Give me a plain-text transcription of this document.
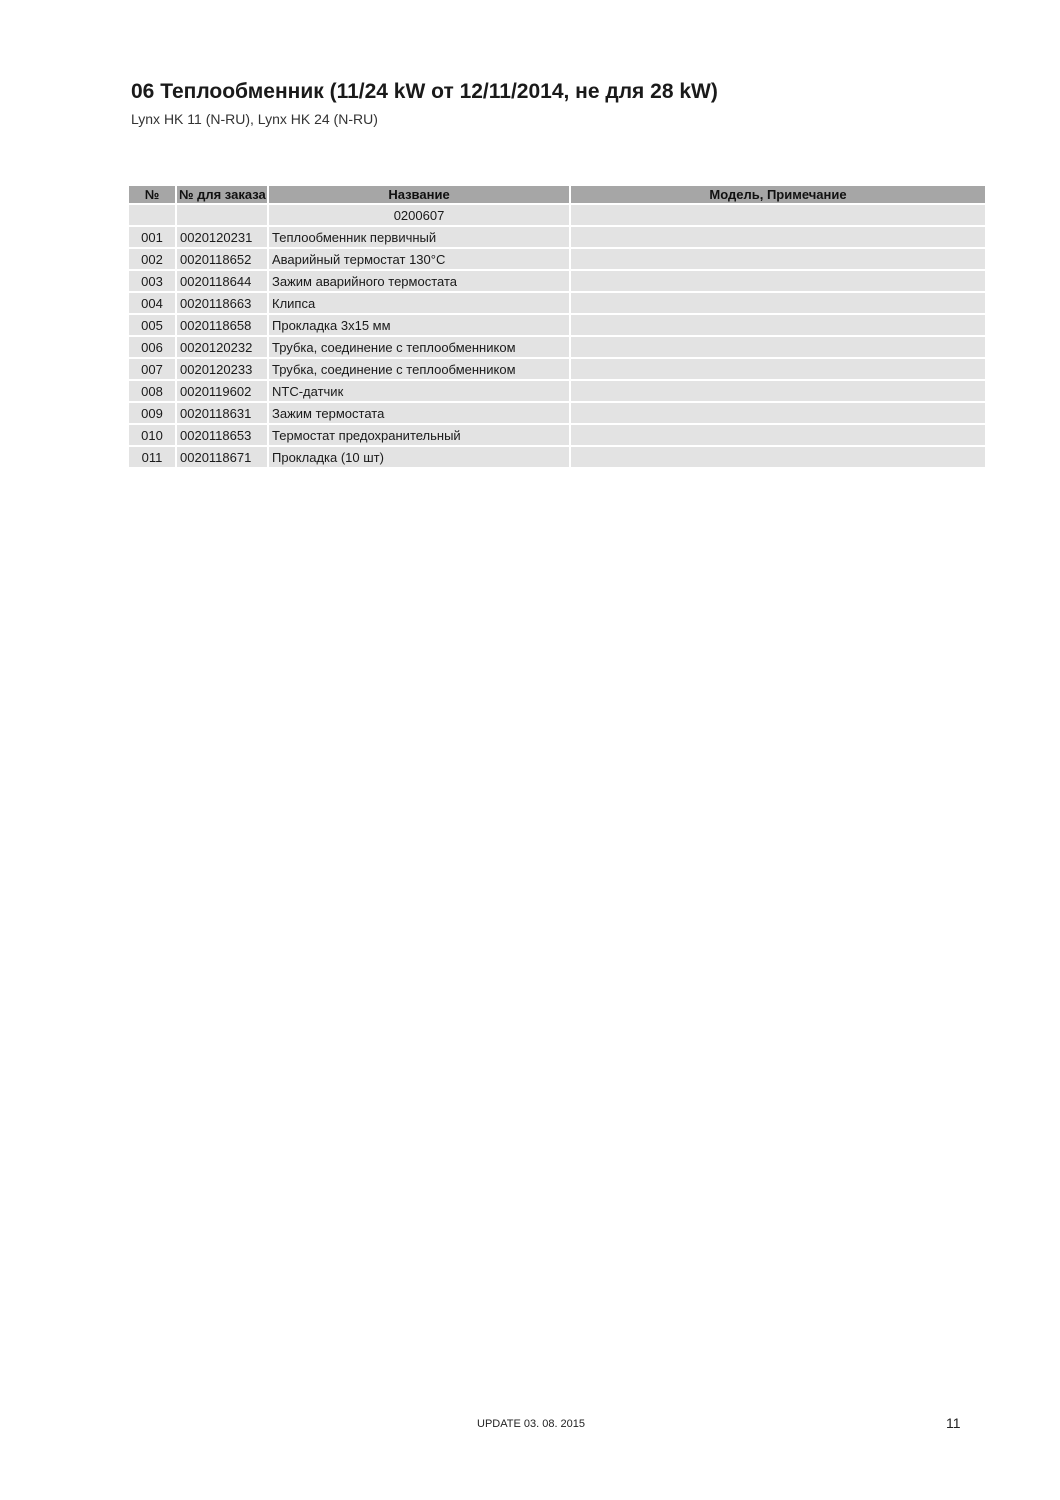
06 Теплообменник (11/24 kW от 12/11/2014, не для 28 kW)
Lynx HK 11 (N-RU), Lynx HK 24 (N-RU)
№	№ для заказа	Название	Модель, Примечание
		0200607	
001	0020120231	Теплообменник первичный	
002	0020118652	Аварийный термостат 130°C	
003	0020118644	Зажим аварийного термостата	
004	0020118663	Клипса	
005	0020118658	Прокладка 3x15 мм	
006	0020120232	Трубка, соединение с теплообменником	
007	0020120233	Трубка, соединение с теплообменником	
008	0020119602	NTC-датчик	
009	0020118631	Зажим термостата	
010	0020118653	Термостат предохранительный	
011	0020118671	Прокладка (10 шт)	
UPDATE 03. 08. 2015	11
